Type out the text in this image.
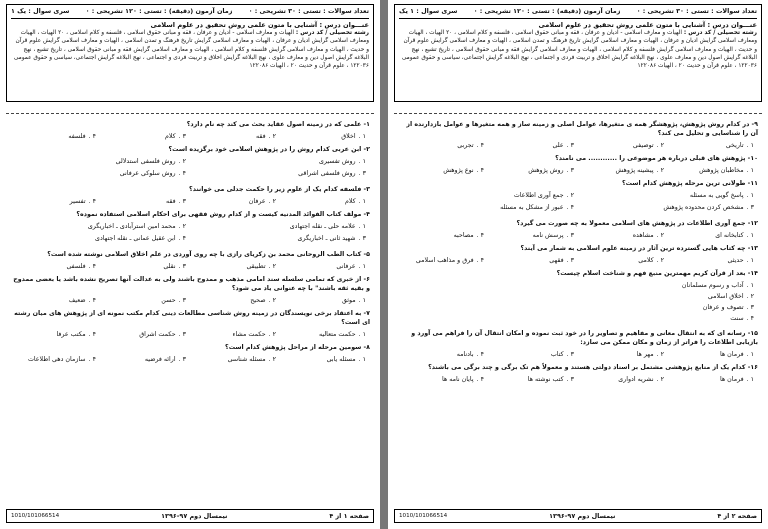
تعداد سوالات : تستی : ۳۰ تشریحی : ۰
زمان آزمون (دقیقه) : تستی : ۱۲۰ تشریحی : ۰
سری سوال : یک ۱
عنـــوان درس : آشنایی با متون علمی روش تحقیق در علوم اسلامی
رشته تحصیلی / کد درس : الهیات و معارف اسلامی - ادیان و عرفان ، فقه و مبانی حقوق اسلامی ، فلسفه و کلام اسلامی ، ۲۰ الهیات ، الهیات ومعارف اسلامی گرایش ادیان و عرفان ، الهیات و معارف اسلامی گرایش تاریخ فرهنگ و تمدن اسلامی ، الهیات و معارف اسلامی گرایش علوم قرآن و حدیث ، الهیات و معارف اسلامی گرایش فلسفه و کلام اسلامی ، الهیات و معارف اسلامی گرایش فقه و مبانی حقوق اسلامی ، تاریخ تشیع ، نهج البلاغه گرایش اصول دین و معارف علوی ، نهج البلاغه گرایش اخلاق و تربیت فردی و اجتماعی ، نهج البلاغه گرایش اجتماعی، سیاسی و حقوق عمومی ۱۲۲۰۳۶ ، علوم قرآن و حدیث ۲۰ ، الهیات ۱۲۲۰۸۶
۱- علمی که در زمینه اصول عقاید بحث می کند چه نام دارد؟
۱ .اخلاق
۲ .فقه
۳ .کلام
۴ .فلسفه
۲- ابن عربی کدام روش را در پژوهش اسلامی خود برگزیده است؟
۱ .روش تفسیری
۲ .روش فلسفی استدلالی
۳ .روش فلسفی اشراقی
۴ .روش سلوکی عرفانی
۳- فلسفه کدام یک از علوم زیر را حکمت جدلی می خوانند؟
۱ .کلام
۲ .عرفان
۳ .فقه
۴ .تفسیر
۴- مولف کتاب الفوائد المدنیه کیست و از کدام روش فقهی برای احکام اسلامی استفاده نموده؟
۱ .علامه حلی ـ نقله اجتهادی
۲ .محمد امین استرآبادی ـ اخباریگری
۳ .شهید ثانی ـ اخباریگری
۴ .ابن عقیل عمانی ـ نقله اجتهادی
۵- کتاب الطب الروحانی محمد بن زکریای رازی با چه روی آوردی در علم اخلاق اسلامی نوشته شده است؟
۱ .عرفانی
۲ .تطبیقی
۳ .نقلی
۴ .فلسفی
۶- از خبری که تمامی سلسله سند امامی مذهب و ممدوح باشند ولی به عدالت آنها تصریح نشده باشد یا بعضی ممدوح و بقیه ثقه باشند" با چه عنوانی یاد می شود؟
۱ .موثق
۲ .صحیح
۳ .حسن
۴ .ضعیف
۷- به اعتقاد برخی نویسندگان در زمینه روش شناسی مطالعات دینی کدام مکتب نمونه ای از پژوهش های میان رشته ای است؟
۱ .حکمت متعالیه
۲ .حکمت مشاء
۳ .حکمت اشراق
۴ .مکتب عرفا
۸- سومین مرحله از مراحل پژوهش کدام است؟
۱ .مسئله یابی
۲ .مسئله شناسی
۳ .ارائه فرضیه
۴ .سازمان دهی اطلاعات
صفحه ۱ از ۴
نیمسال دوم ۹۷-۱۳۹۶
1010/101066514
تعداد سوالات : تستی : ۳۰ تشریحی : ۰
زمان آزمون (دقیقه) : تستی : ۱۲۰ تشریحی : ۰
سری سوال : ۱ یک
عنـــوان درس : آشنایی با متون علمی روش تحقیق در علوم اسلامی
رشته تحصیلی / کد درس : الهیات و معارف اسلامی - ادیان و عرفان ، فقه و مبانی حقوق اسلامی ، فلسفه و کلام اسلامی ، ۲۰ الهیات ، الهیات ومعارف اسلامی گرایش ادیان و عرفان ، الهیات و معارف اسلامی گرایش تاریخ فرهنگ و تمدن اسلامی ، الهیات و معارف اسلامی گرایش علوم قرآن و حدیث ، الهیات و معارف اسلامی گرایش فلسفه و کلام اسلامی ، الهیات و معارف اسلامی گرایش فقه و مبانی حقوق اسلامی ، تاریخ تشیع ، نهج البلاغه گرایش اصول دین و معارف علوی ، نهج البلاغه گرایش اخلاق و تربیت فردی و اجتماعی ، نهج البلاغه گرایش اجتماعی، سیاسی و حقوق عمومی ۱۲۲۰۳۶ ، علوم قرآن و حدیث ۲۰ ، الهیات ۱۲۲۰۸۶
۹- در کدام روش پژوهش، پژوهشگر همه ی متغیرها، عوامل اصلی و زمینه ساز و همه متغیرها و عوامل بازدارنده از آن را شناسایی و تحلیل می کند؟
۱ .تاریخی
۲ .توصیفی
۳ .علی
۴ .تجربی
۱۰- پژوهش های قبلی درباره هر موضوعی را ............ می نامند؟
۱ .مخاطبان پژوهش
۲ .پیشینه پژوهش
۳ .روش پژوهش
۴ .نوع پژوهش
۱۱- طولانی ترین مرحله پژوهش کدام است؟
۱ .پاسخ گویی به مسئله
۲ .جمع آوری اطلاعات
۳ .مشخص کردن محدوده پژوهش
۴ .عبور از مشکل به مسئله
۱۲- جمع آوری اطلاعات در پژوهش های اسلامی معمولا به چه صورت می گیرد؟
۱ .کتابخانه ای
۲ .مشاهده
۳ .پرسش نامه
۴ .مصاحبه
۱۳- چه کتاب هایی گسترده ترین آثار در زمینه علوم اسلامی به شمار می آیند؟
۱ .حدیثی
۲ .کلامی
۳ .فقهی
۴ .فرق و مذاهب اسلامی
۱۴- بعد از قرآن کریم مهمترین منبع فهم و شناخت اسلام چیست؟
۱ .آداب و رسوم مسلمانان
۲ .اخلاق اسلامی
۳ .تصوف و عرفان
۴ .سنت
۱۵- رسانه ای که به انتقال معانی و مفاهیم و تصاویر را در خود ثبت نموده و امکان انتقال آن را فراهم می آورد و بازیابی اطلاعات را فراتر از زمان و مکان ممکن می سازد:
۱ .فرمان ها
۲ .مهر ها
۳ .کتاب
۴ .بادنامه
۱۶- کدام یک از منابع پژوهشی مشتمل بر اسناد دولتی هستند و معمولاً هم تک برگی و چند برگی می باشند؟
۱ .فرمان ها
۲ .نشریه ادواری
۳ .کتب نوشته ها
۴ .پایان نامه ها
صفحه ۲ از ۴
نیمسال دوم ۹۷-۱۳۹۶
1010/101066514
